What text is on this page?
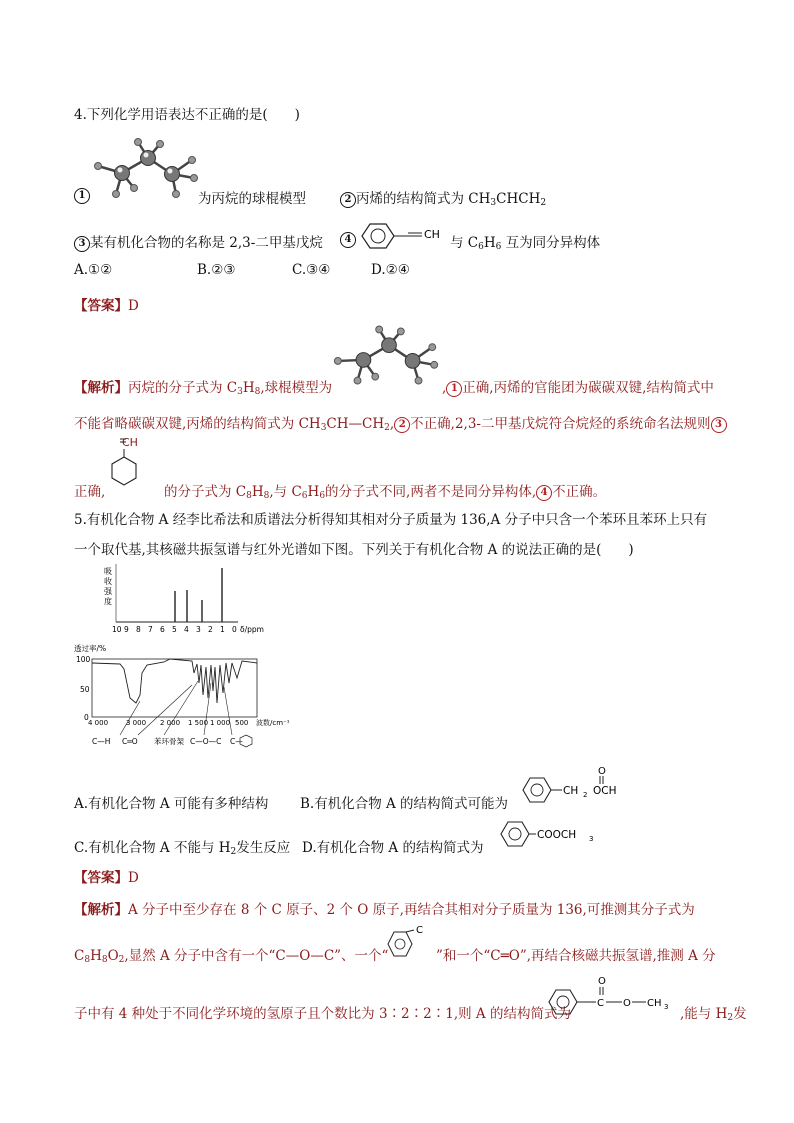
4.下列化学用语表达不正确的是(　　)
1	为丙烷的球棍模型	2 丙烯的结构简式为 $CH_3CHCH_2$
3 某有机化合物的名称是 2,3-二甲基戊烷	4	CH
与 $C_6H_6$ 互为同分异构体
A.①②	B.②③	C.③④	D.②④
【答案】D
【解析】丙烷的分子式为 $C_3H_8$,球棍模型为	, 1 正确,丙烯的官能团为碳碳双键,结构简式中
不能省略碳碳双键,丙烯的结构简式为 $CH_3CH—CH_2$, 2 不正确,2,3-二甲基戊烷符合烷烃的系统命名法规则 3
CH
正确,	的分子式为 $C_8H_8$,与 $C_6H_6$的分子式不同,两者不是同分异构体, 4 不正确。
5.有机化合物 A 经李比希法和质谱法分析得知其相对分子质量为 136,A 分子中只含一个苯环且苯环上只有
一个取代基,其核磁共振氢谱与红外光谱如下图。下列关于有机化合物 A 的说法正确的是(　　)
吸
收
强
度
10 9 8 7 6 5 4 3 2 1 0 δ/ppm
透过率/%
100
50
0
4 000	3 000 2 000 1 500 1 000 500 波数/cm⁻¹
C—H C═O 苯环骨架 C—O—C C—
A.有机化合物 A 可能有多种结构 B.有机化合物 A 的结构简式可能为
CH 2 OCH
O
C.有机化合物 A 不能与 $H_2$发生反应 D.有机化合物 A 的结构简式为
COOCH 3
【答案】D
【解析】A 分子中至少存在 8 个 C 原子、2 个 O 原子,再结合其相对分子质量为 136,可推测其分子式为
$C_8H_8O_2$,显然 A 分子中含有一个“C—O—C”、一个“
C
”和一个“C═O”,再结合核磁共振氢谱,推测 A 分
子中有 4 种处于不同化学环境的氢原子且个数比为 3∶2∶2∶1,则 A 的结构简式为
C
O
O CH 3 ,能与 $H_2$发
